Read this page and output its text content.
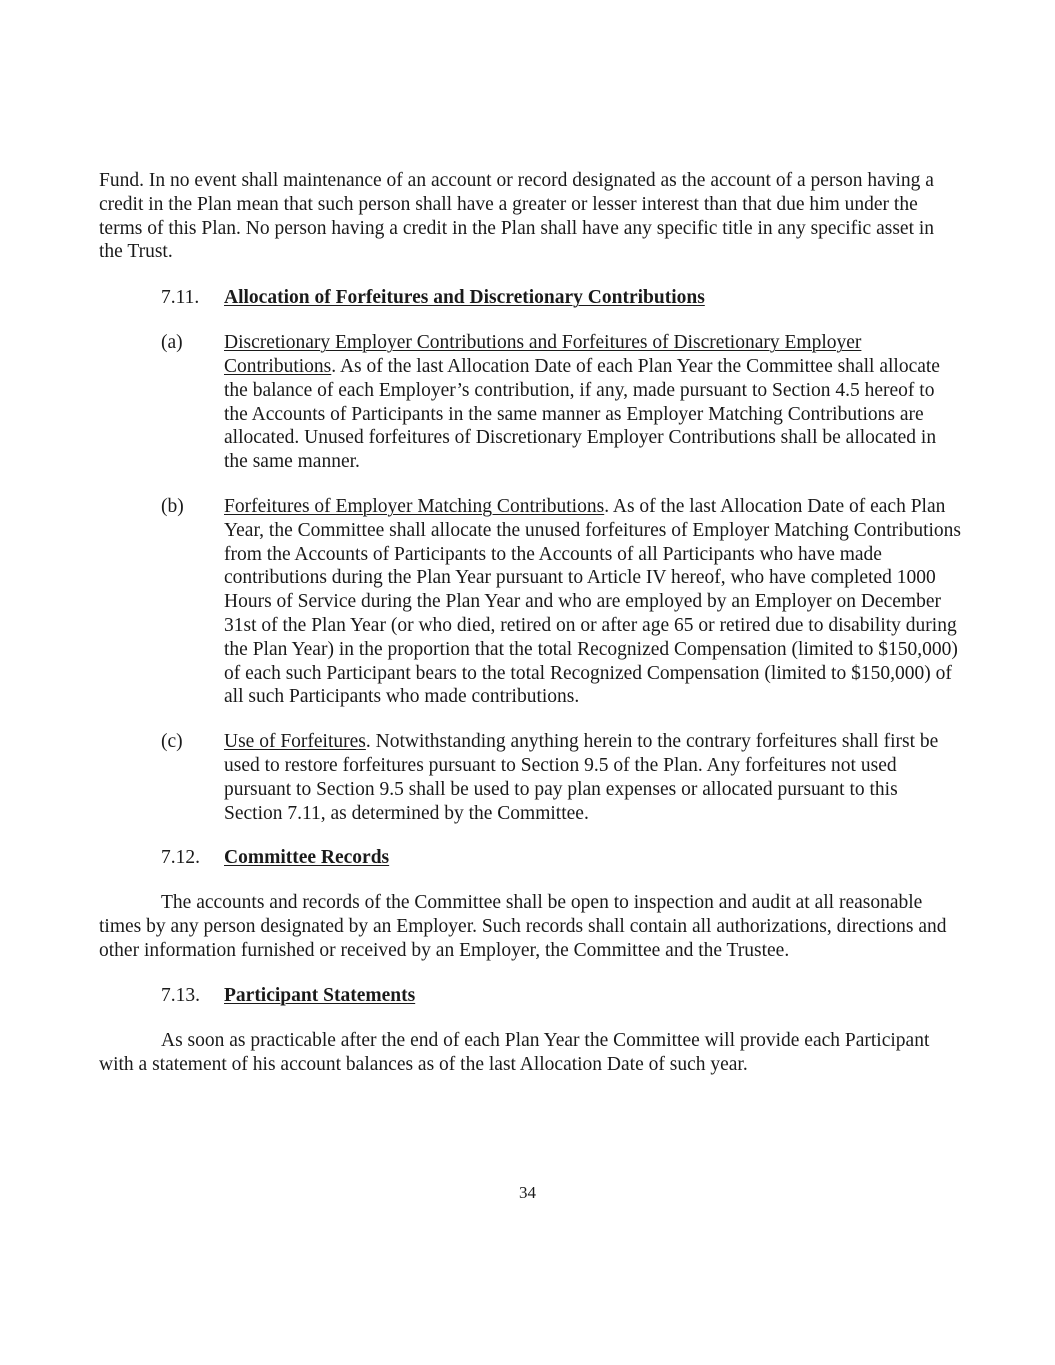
Fund. In no event shall maintenance of an account or record designated as the account of a person having a credit in the Plan mean that such person shall have a greater or lesser interest than that due him under the terms of this Plan. No person having a credit in the Plan shall have any specific title in any specific asset in the Trust.

7.11. Allocation of Forfeitures and Discretionary Contributions
(a) Discretionary Employer Contributions and Forfeitures of Discretionary Employer Contributions. As of the last Allocation Date of each Plan Year the Committee shall allocate the balance of each Employer’s contribution, if any, made pursuant to Section 4.5 hereof to the Accounts of Participants in the same manner as Employer Matching Contributions are allocated. Unused forfeitures of Discretionary Employer Contributions shall be allocated in the same manner.

(b) Forfeitures of Employer Matching Contributions. As of the last Allocation Date of each Plan Year, the Committee shall allocate the unused forfeitures of Employer Matching Contributions from the Accounts of Participants to the Accounts of all Participants who have made contributions during the Plan Year pursuant to Article IV hereof, who have completed 1000 Hours of Service during the Plan Year and who are employed by an Employer on December 31st of the Plan Year (or who died, retired on or after age 65 or retired due to disability during the Plan Year) in the proportion that the total Recognized Compensation (limited to $150,000) of each such Participant bears to the total Recognized Compensation (limited to $150,000) of all such Participants who made contributions.

(c) Use of Forfeitures. Notwithstanding anything herein to the contrary forfeitures shall first be used to restore forfeitures pursuant to Section 9.5 of the Plan. Any forfeitures not used pursuant to Section 9.5 shall be used to pay plan expenses or allocated pursuant to this Section 7.11, as determined by the Committee.

7.12. Committee Records

The accounts and records of the Committee shall be open to inspection and audit at all reasonable times by any person designated by an Employer. Such records shall contain all authorizations, directions and other information furnished or received by an Employer, the Committee and the Trustee.

7.13. Participant Statements

As soon as practicable after the end of each Plan Year the Committee will provide each Participant with a statement of his account balances as of the last Allocation Date of such year.

34
